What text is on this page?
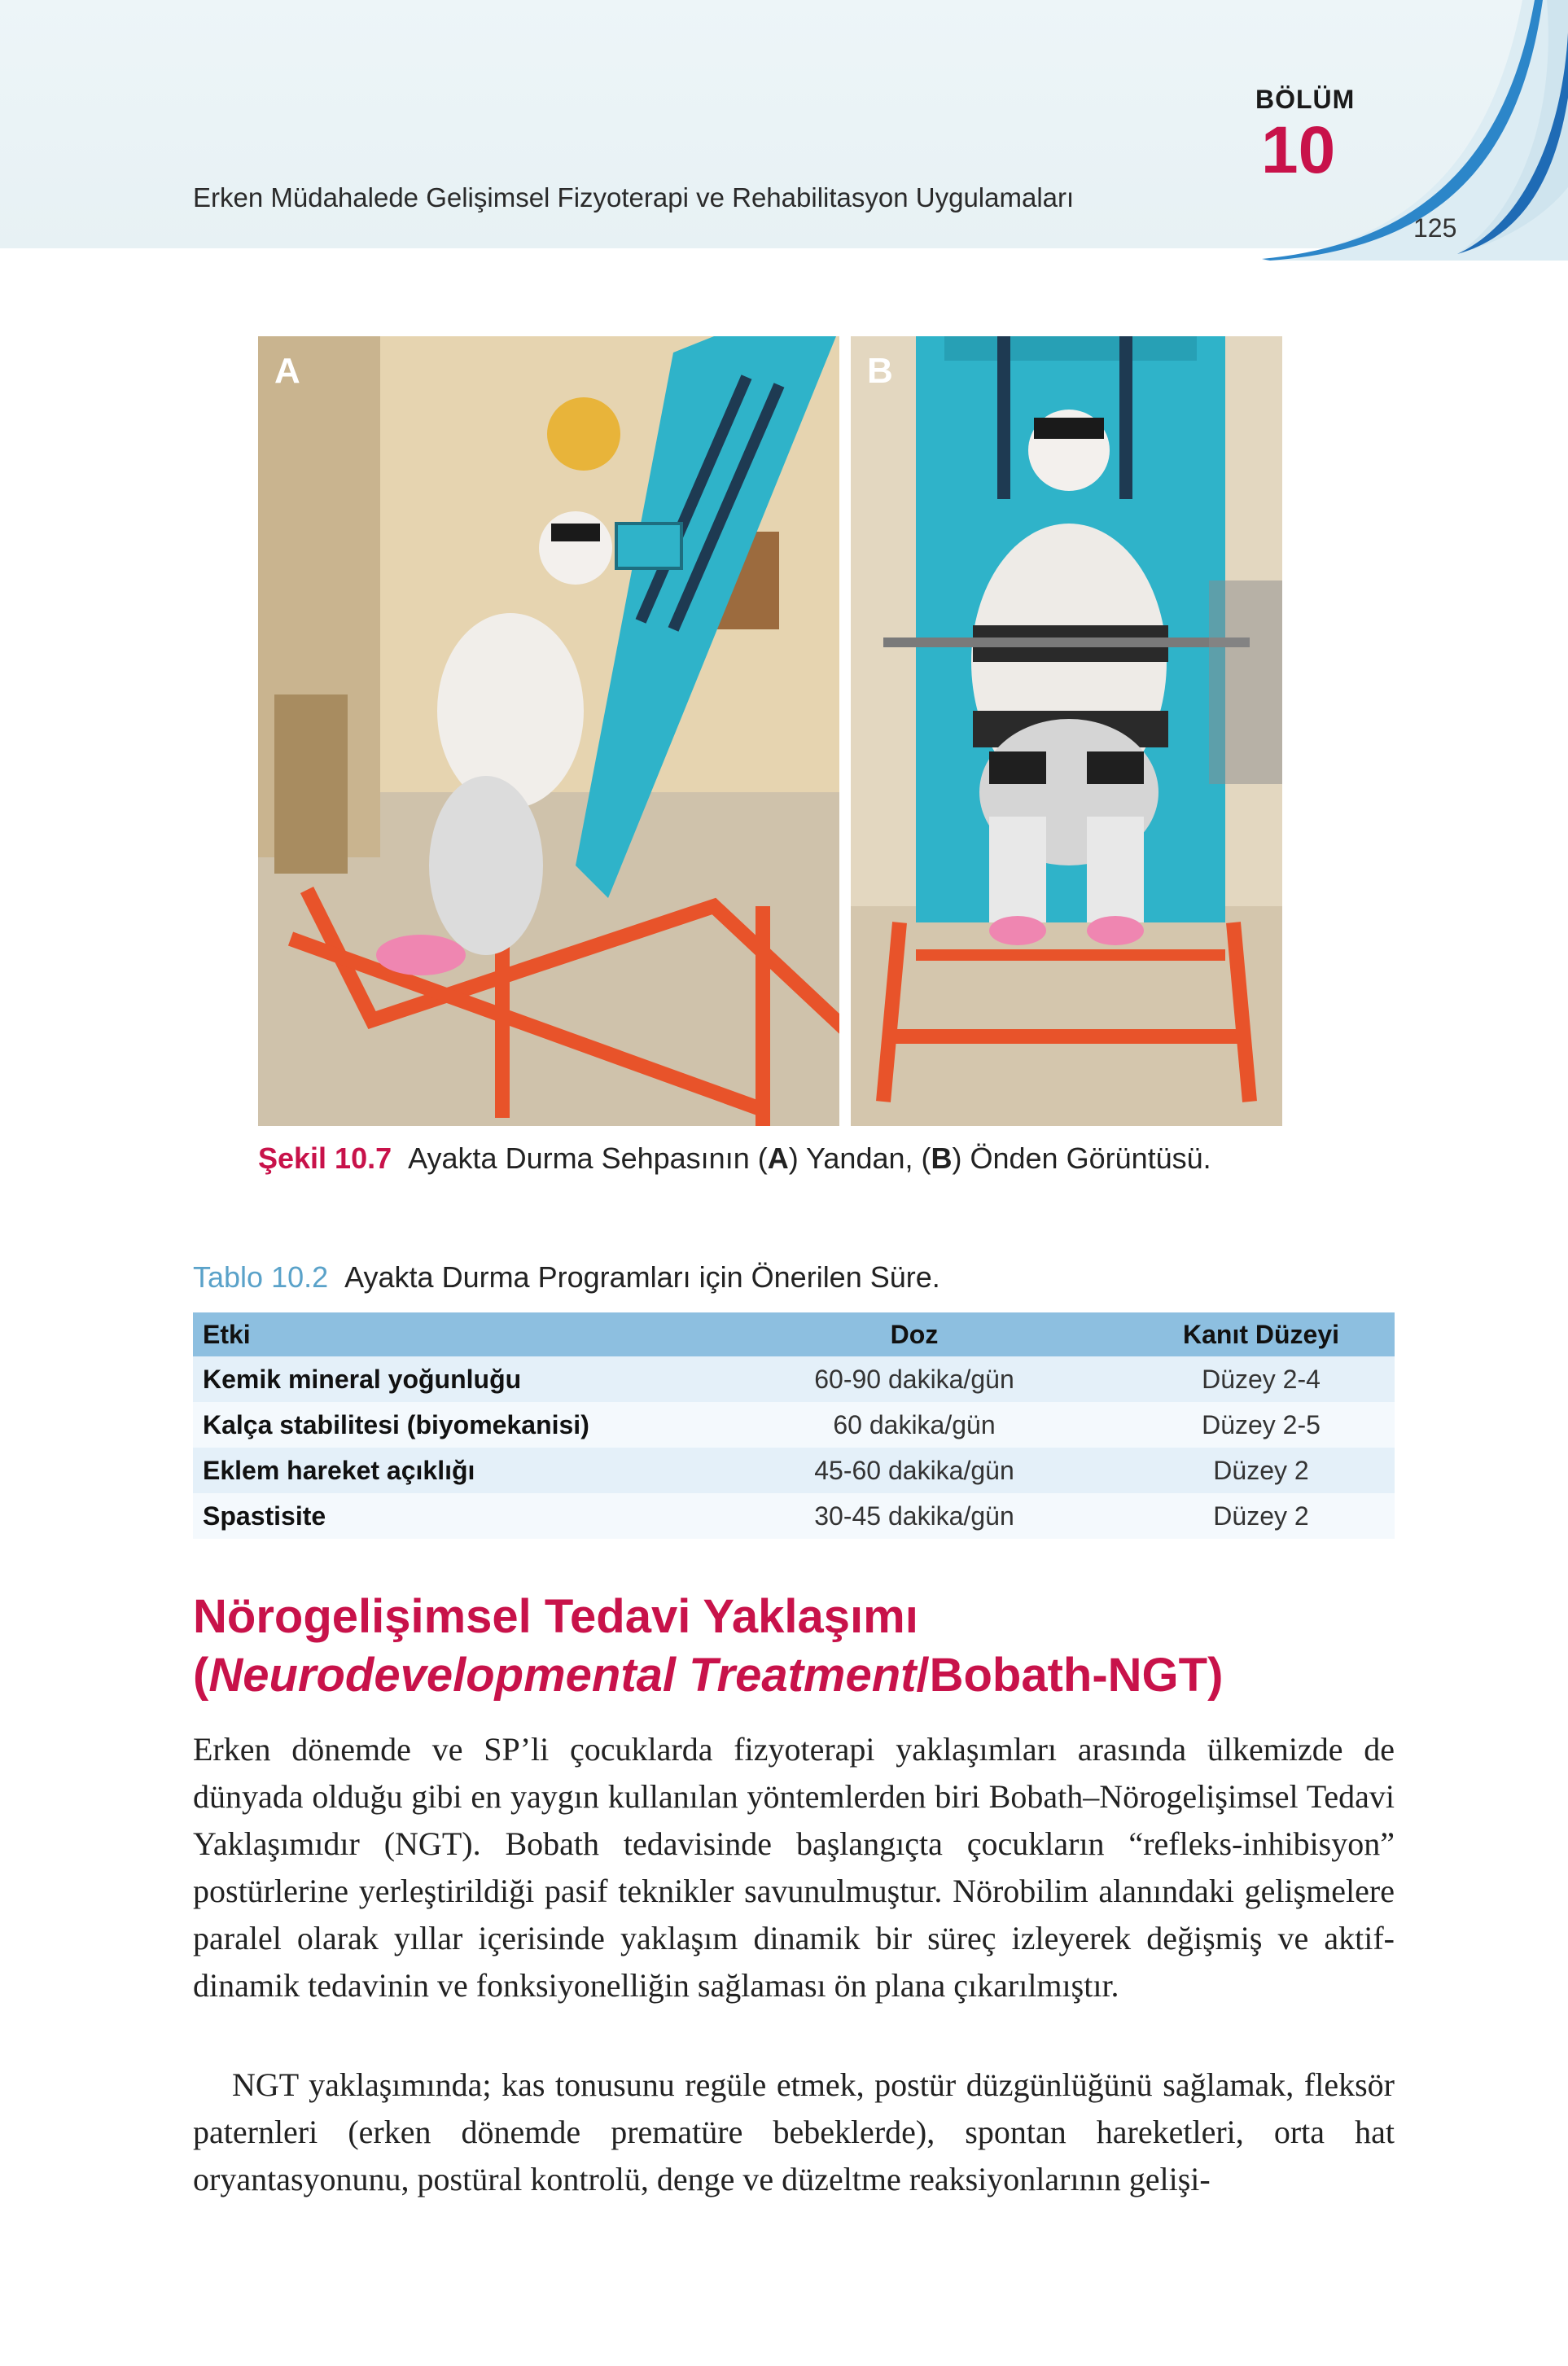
Erken Müdahalede Gelişimsel Fizyoterapi ve Rehabilitasyon Uygulamaları
BÖLÜM
10
125
A	B
Şekil 10.7 Ayakta Durma Sehpasının (A) Yandan, (B) Önden Görüntüsü.
Tablo 10.2 Ayakta Durma Programları için Önerilen Süre.
Etki	Doz	Kanıt Düzeyi
Kemik mineral yoğunluğu	60-90 dakika/gün	Düzey 2-4
Kalça stabilitesi (biyomekanisi)	60 dakika/gün	Düzey 2-5
Eklem hareket açıklığı	45-60 dakika/gün	Düzey 2
Spastisite	30-45 dakika/gün	Düzey 2
Nörogelişimsel Tedavi Yaklaşımı
(Neurodevelopmental Treatment/Bobath-NGT)
Erken dönemde ve SP’li çocuklarda fizyoterapi yaklaşımları arasında ülkemizde de dünyada olduğu gibi en yaygın kullanılan yöntemlerden biri Bobath–Nörogelişimsel Tedavi Yaklaşımıdır (NGT). Bobath tedavisinde başlangıçta çocukların “refleks-inhibisyon” postürlerine yerleştirildiği pasif teknikler savunulmuştur. Nörobilim alanındaki gelişmelere paralel olarak yıllar içerisinde yaklaşım dinamik bir süreç izleyerek değişmiş ve aktif-dinamik tedavinin ve fonksiyonelliğin sağlaması ön plana çıkarılmıştır.
NGT yaklaşımında; kas tonusunu regüle etmek, postür düzgünlüğünü sağlamak, fleksör paternleri (erken dönemde prematüre bebeklerde), spontan hareketleri, orta hat oryantasyonunu, postüral kontrolü, denge ve düzeltme reaksiyonlarının gelişi-
